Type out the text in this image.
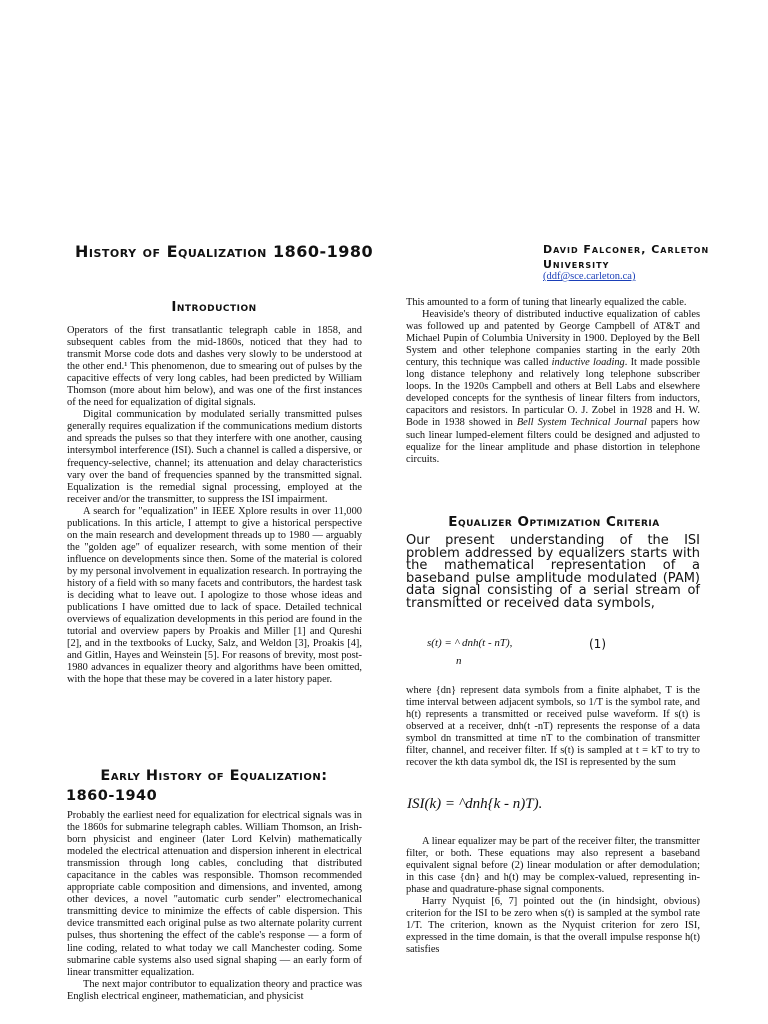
History of Equalization 1860-1980	David Falconer, Carleton University
(ddf@sce.carleton.ca)
Introduction

Operators of the first transatlantic telegraph cable in 1858, and subsequent cables from the mid-1860s, noticed that they had to transmit Morse code dots and dashes very slowly to be understood at the other end.¹ This phenomenon, due to smearing out of pulses by the capacitive effects of very long cables, had been predicted by William Thomson (more about him below), and was one of the first instances of the need for equalization of digital signals.

Digital communication by modulated serially transmitted pulses generally requires equalization if the communications medium distorts and spreads the pulses so that they interfere with one another, causing intersymbol interference (ISI). Such a channel is called a dispersive, or frequency-selective, channel; its attenuation and delay characteristics vary over the band of frequencies spanned by the transmitted signal. Equalization is the remedial signal processing, employed at the receiver and/or the transmitter, to suppress the ISI impairment.

A search for "equalization" in IEEE Xplore results in over 11,000 publications. In this article, I attempt to give a historical perspective on the main research and development threads up to 1980 — arguably the "golden age" of equalizer research, with some mention of their influence on developments since then. Some of the material is colored by my personal involvement in equalization research. In portraying the history of a field with so many facets and contributors, the hardest task is deciding what to leave out. I apologize to those whose ideas and publications I have omitted due to lack of space. Detailed technical overviews of equalization developments in this period are found in the tutorial and overview papers by Proakis and Miller [1] and Qureshi [2], and in the textbooks of Lucky, Salz, and Weldon [3], Proakis [4], and Gitlin, Hayes and Weinstein [5]. For reasons of brevity, most post-1980 advances in equalizer theory and algorithms have been omitted, with the hope that these may be covered in a later history paper.

Early History of Equalization:
1860-1940

Probably the earliest need for equalization for electrical signals was in the 1860s for submarine telegraph cables. William Thomson, an Irish-born physicist and engineer (later Lord Kelvin) mathematically modeled the electrical attenuation and dispersion inherent in electrical transmission through long cables, concluding that distributed capacitance in the cables was responsible. Thomson recommended appropriate cable composition and dimensions, and invented, among other devices, a novel "automatic curb sender" electromechanical transmitting device to minimize the effects of cable dispersion. This device transmitted each original pulse as two alternate polarity current pulses, thus shortening the effect of the cable's response — a form of line coding, related to what today we call Manchester coding. Some submarine cable systems also used signal shaping — an early form of linear transmitter equalization.

The next major contributor to equalization theory and practice was English electrical engineer, mathematician, and physicist

This amounted to a form of tuning that linearly equalized the cable.

Heaviside's theory of distributed inductive equalization of cables was followed up and patented by George Campbell of AT&T and Michael Pupin of Columbia University in 1900. Deployed by the Bell System and other telephone companies starting in the early 20th century, this technique was called inductive loading. It made possible long distance telephony and relatively long telephone subscriber loops. In the 1920s Campbell and others at Bell Labs and elsewhere developed concepts for the synthesis of linear filters from inductors, capacitors and resistors. In particular O. J. Zobel in 1928 and H. W. Bode in 1938 showed in Bell System Technical Journal papers how such linear lumped-element filters could be designed and adjusted to equalize for the linear amplitude and phase distortion in telephone circuits.

Equalizer Optimization Criteria
Our present understanding of the ISI problem addressed by equalizers starts with the mathematical representation of a baseband pulse amplitude modulated (PAM) data signal consisting of a serial stream of transmitted or received data symbols,
s(t) = ^ dnh(t - nT),	(1)
n
where {dn} represent data symbols from a finite alphabet, T is the time interval between adjacent symbols, so 1/T is the symbol rate, and h(t) represents a transmitted or received pulse waveform. If s(t) is observed at a receiver, dnh(t -nT) represents the response of a data symbol dn transmitted at time nT to the combination of transmitter filter, channel, and receiver filter. If s(t) is sampled at t = kT to try to recover the kth data symbol dk, the ISI is represented by the sum
ISI(k) = ^dnh{k - n)T).

A linear equalizer may be part of the receiver filter, the transmitter filter, or both. These equations may also represent a baseband equivalent signal before (2) linear modulation or after demodulation; in this case {dn} and h(t) may be complex-valued, representing in-phase and quadrature-phase signal components.

Harry Nyquist [6, 7] pointed out the (in hindsight, obvious) criterion for the ISI to be zero when s(t) is sampled at the symbol rate 1/T. The criterion, known as the Nyquist criterion for zero ISI, expressed in the time domain, is that the overall impulse response h(t) satisfies
